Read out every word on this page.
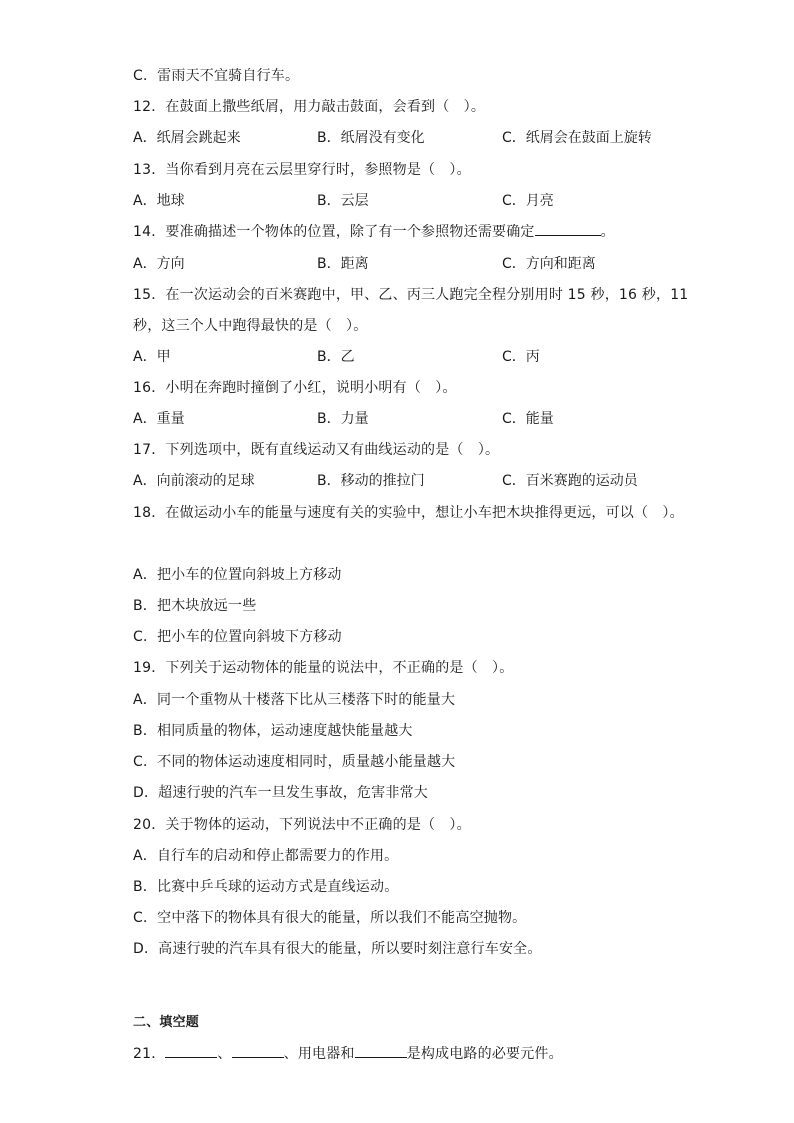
C．雷雨天不宜骑自行车。
12．在鼓面上撒些纸屑，用力敲击鼓面，会看到（　）。
A．纸屑会跳起来	B．纸屑没有变化	C．纸屑会在鼓面上旋转
13．当你看到月亮在云层里穿行时，参照物是（　）。
A．地球	B．云层	C．月亮
14．要准确描述一个物体的位置，除了有一个参照物还需要确定	。
A．方向	B．距离	C．方向和距离
15．在一次运动会的百米赛跑中，甲、乙、丙三人跑完全程分别用时 15 秒，16 秒，11
秒，这三个人中跑得最快的是（　）。
A．甲	B．乙	C．丙
16．小明在奔跑时撞倒了小红，说明小明有（　）。
A．重量	B．力量	C．能量
17．下列选项中，既有直线运动又有曲线运动的是（　）。
A．向前滚动的足球	B．移动的推拉门	C．百米赛跑的运动员
18．在做运动小车的能量与速度有关的实验中，想让小车把木块推得更远，可以（　）。
A．把小车的位置向斜坡上方移动
B．把木块放远一些
C．把小车的位置向斜坡下方移动
19．下列关于运动物体的能量的说法中，不正确的是（　）。
A．同一个重物从十楼落下比从三楼落下时的能量大
B．相同质量的物体，运动速度越快能量越大
C．不同的物体运动速度相同时，质量越小能量越大
D．超速行驶的汽车一旦发生事故，危害非常大
20．关于物体的运动，下列说法中不正确的是（　）。
A．自行车的启动和停止都需要力的作用。
B．比赛中乒乓球的运动方式是直线运动。
C．空中落下的物体具有很大的能量，所以我们不能高空抛物。
D．高速行驶的汽车具有很大的能量，所以要时刻注意行车安全。
二、填空题
21．	、	、用电器和	是构成电路的必要元件。
